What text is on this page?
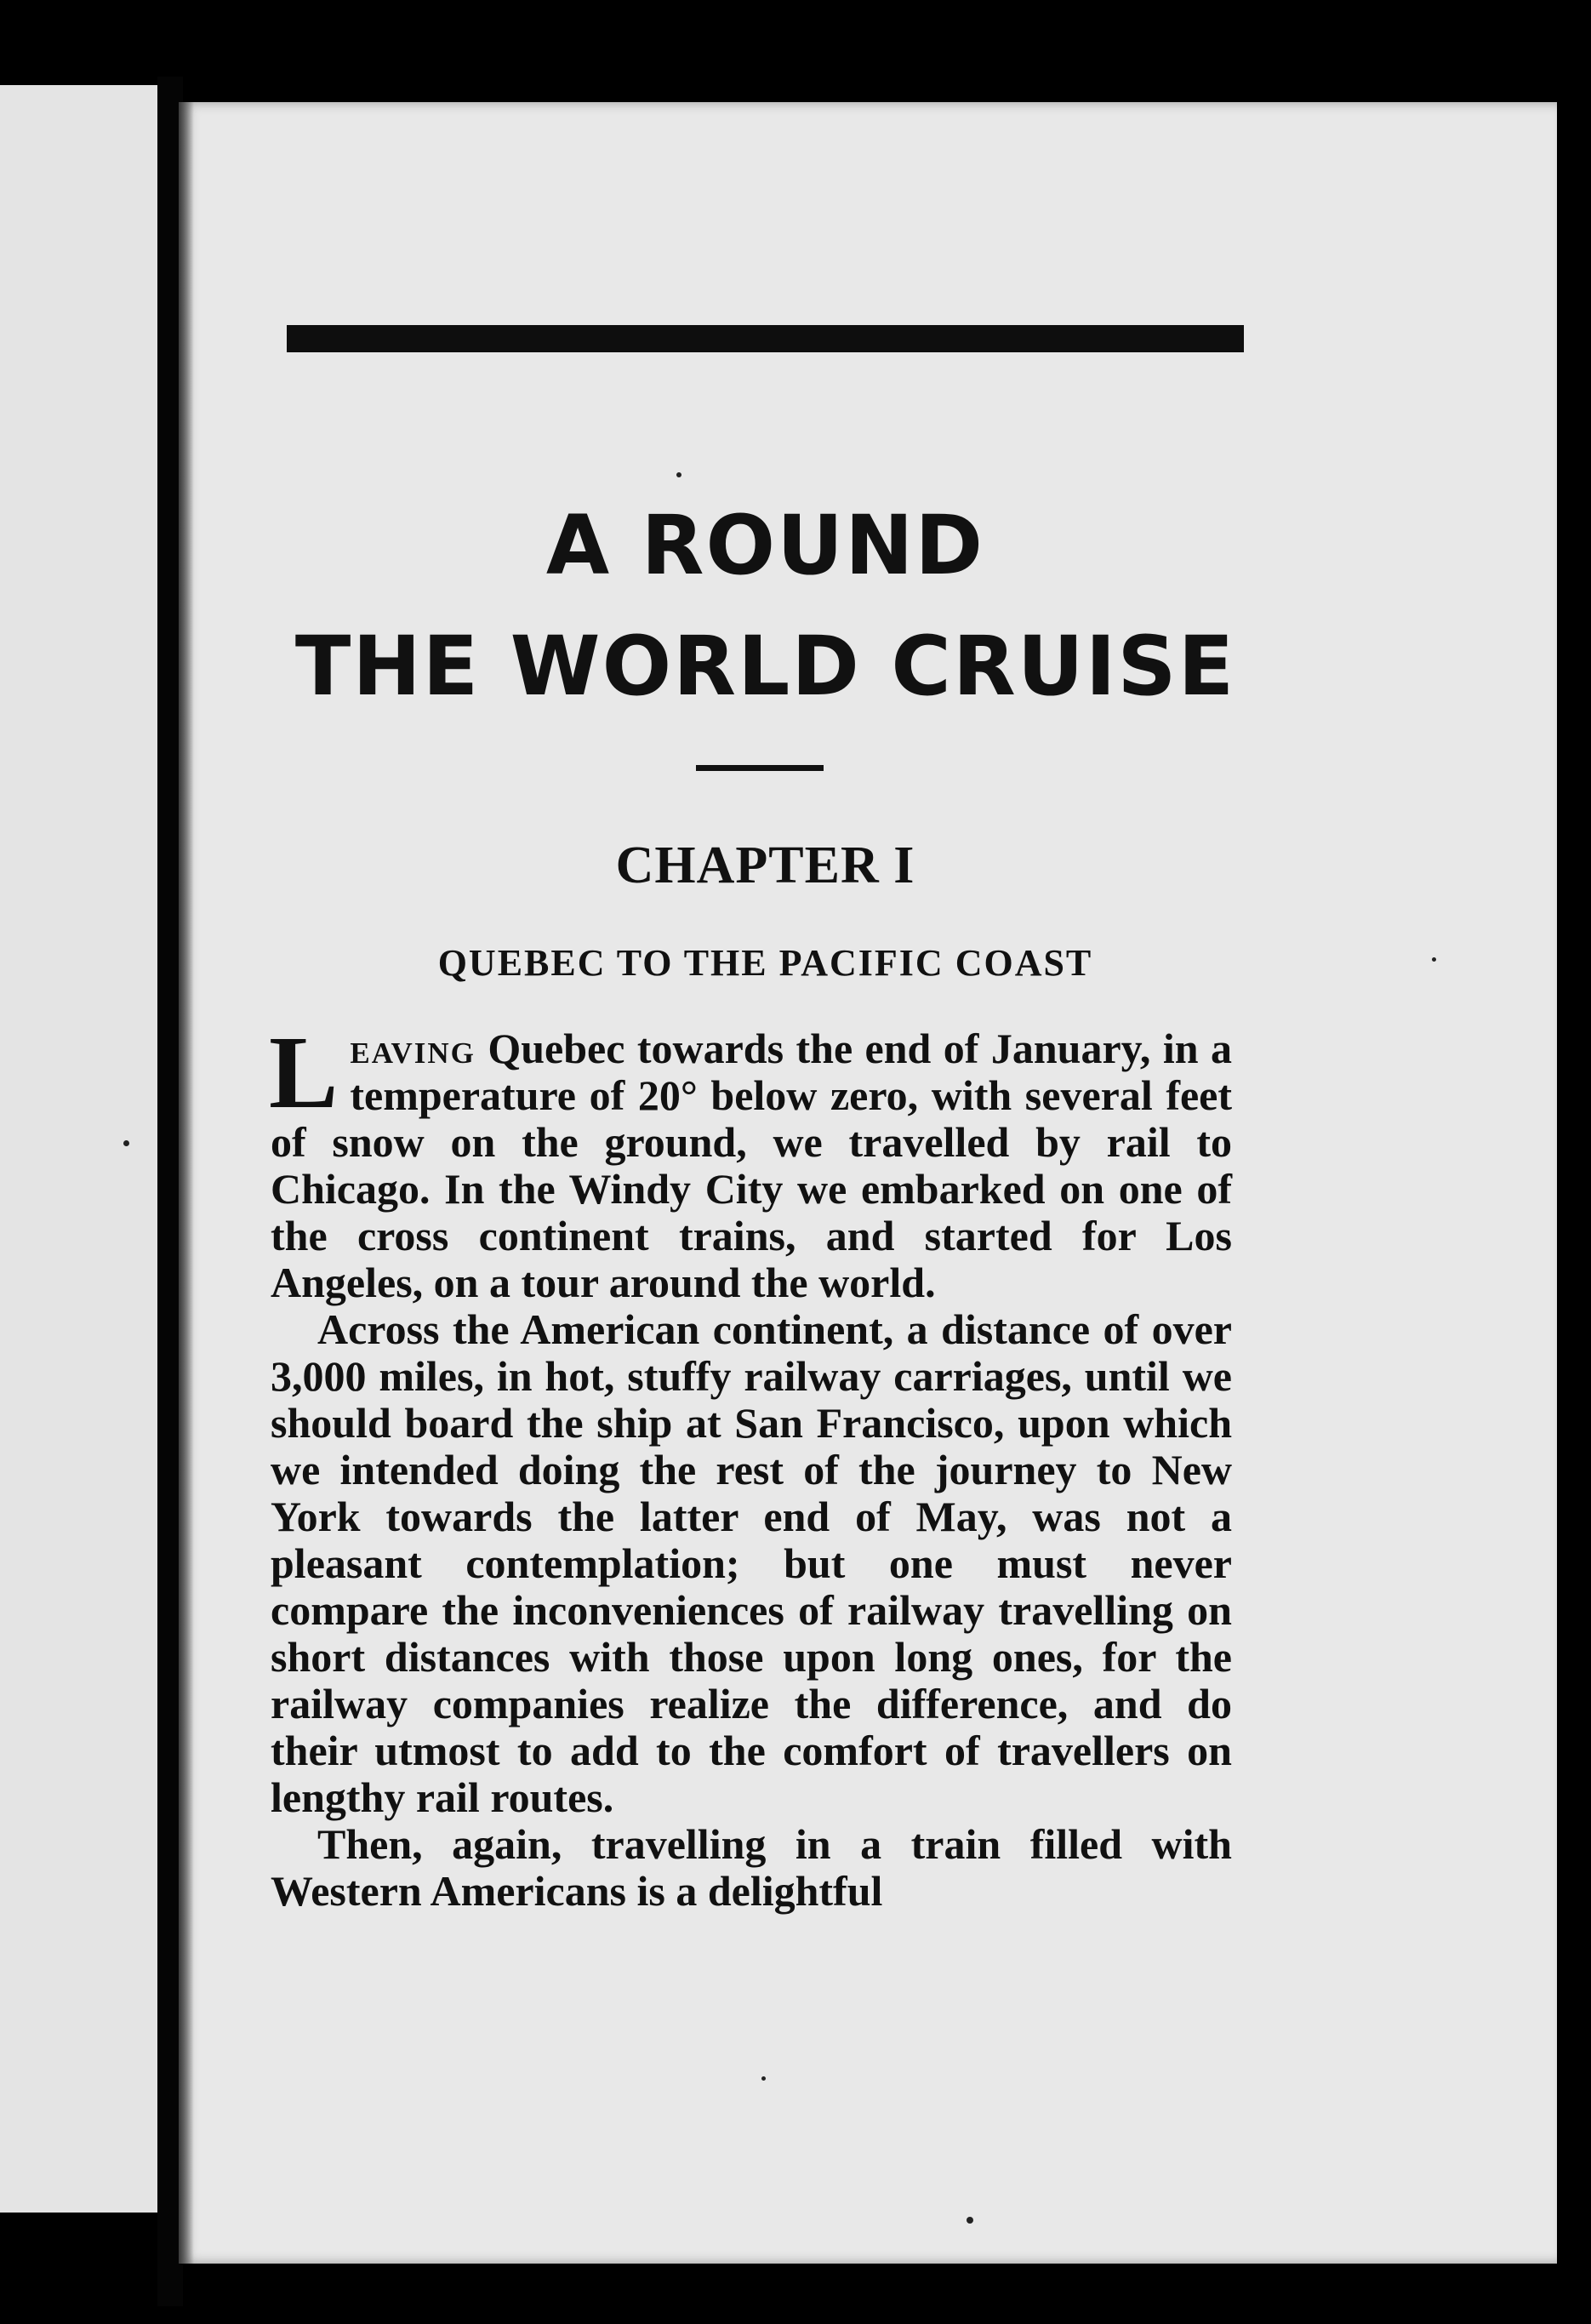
A ROUND
THE WORLD CRUISE
CHAPTER I
QUEBEC TO THE PACIFIC COAST

Leaving Quebec towards the end of January, in a temperature of 20° below zero, with several feet of snow on the ground, we travelled by rail to Chicago. In the Windy City we embarked on one of the cross continent trains, and started for Los Angeles, on a tour around the world.

Across the American continent, a distance of over 3,000 miles, in hot, stuffy railway carriages, until we should board the ship at San Francisco, upon which we intended doing the rest of the journey to New York towards the latter end of May, was not a pleasant contemplation; but one must never compare the inconveniences of railway travelling on short distances with those upon long ones, for the railway companies realize the difference, and do their utmost to add to the comfort of travellers on lengthy rail routes.

Then, again, travelling in a train filled with Western Americans is a delightful
